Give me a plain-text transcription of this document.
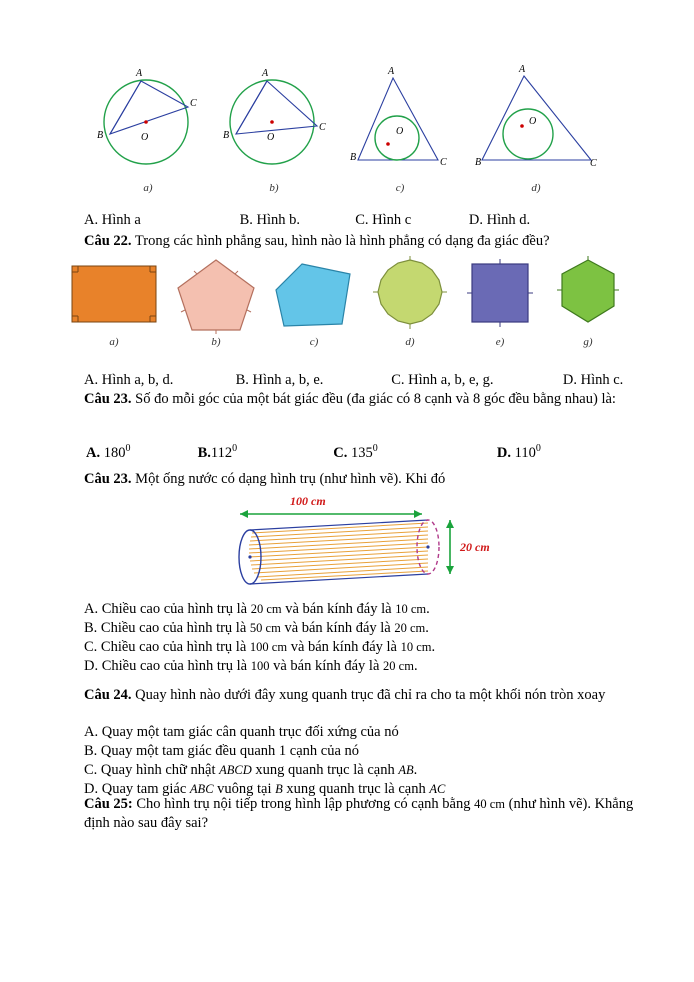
A
C
B	O
a)
A
C
B	O
b)
A
O
B	C
c)
A
O
B	C
d)
A. Hình a	B. Hình b.	C. Hình c	D. Hình d.
Câu 22. Trong các hình phẳng sau, hình nào là hình phẳng có dạng đa giác đều?
a)	b)	c)	d)	e)	g)
A. Hình a, b, d.	B. Hình a, b, e.	C. Hình a, b, e, g.	D. Hình c.
Câu 23. Số đo mỗi góc của một bát giác đều (đa giác có 8 cạnh và 8 góc đều bằng nhau) là:
A. $180^0$	B.112$^0$	C. $135^0$	D. $110^0$
Câu 23. Một ống nước có dạng hình trụ (như hình vẽ). Khi đó
100 cm
20 cm
A. Chiều cao của hình trụ là 20 cm và bán kính đáy là 10 cm.
B. Chiều cao của hình trụ là 50 cm và bán kính đáy là 20 cm.
C. Chiều cao của hình trụ là 100 cm và bán kính đáy là 10 cm.
D. Chiều cao của hình trụ là 100 và bán kính đáy là 20 cm.
Câu 24. Quay hình nào dưới đây xung quanh trục đã chỉ ra cho ta một khối nón tròn xoay
A. Quay một tam giác cân quanh trục đối xứng của nó
B. Quay một tam giác đều quanh 1 cạnh của nó
C. Quay hình chữ nhật ABCD xung quanh trục là cạnh AB.
D. Quay tam giác ABC vuông tại B xung quanh trục là cạnh AC
Câu 25: Cho hình trụ nội tiếp trong hình lập phương có cạnh bằng 40 cm (như hình vẽ). Khẳng định nào sau đây sai?
